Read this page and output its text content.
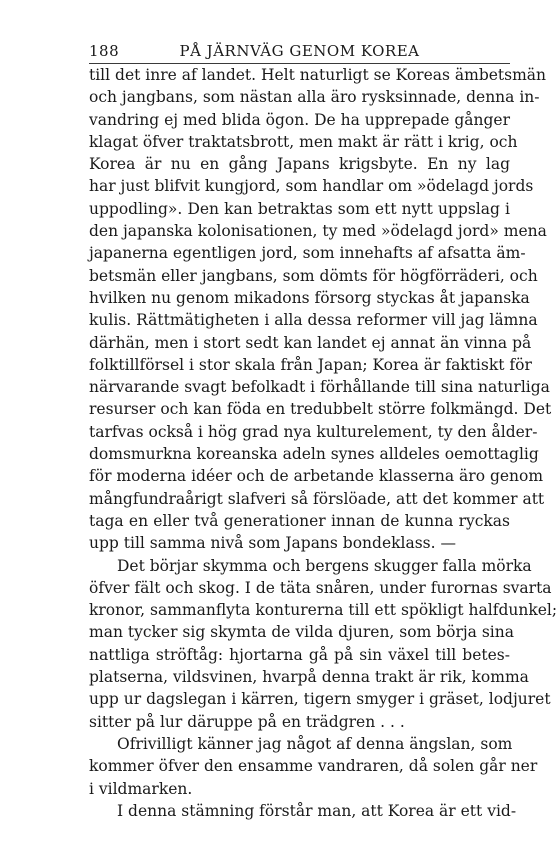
188	PÅ JÄRNVÄG GENOM KOREA
till det inre af landet. Helt naturligt se Koreas ämbetsmän
och jangbans, som nästan alla äro rysksinnade, denna in-
vandring ej med blida ögon. De ha upprepade gånger
klagat öfver traktatsbrott, men makt är rätt i krig, och
Korea är nu en gång Japans krigsbyte. En ny lag
har just blifvit kungjord, som handlar om »ödelagd jords
uppodling». Den kan betraktas som ett nytt uppslag i
den japanska kolonisationen, ty med »ödelagd jord» mena
japanerna egentligen jord, som innehafts af afsatta äm-
betsmän eller jangbans, som dömts för högförräderi, och
hvilken nu genom mikadons försorg styckas åt japanska
kulis. Rättmätigheten i alla dessa reformer vill jag lämna
därhän, men i stort sedt kan landet ej annat än vinna på
folktillförsel i stor skala från Japan; Korea är faktiskt för
närvarande svagt befolkadt i förhållande till sina naturliga
resurser och kan föda en tredubbelt större folkmängd. Det
tarfvas också i hög grad nya kulturelement, ty den ålder-
domsmurkna koreanska adeln synes alldeles oemottaglig
för moderna idéer och de arbetande klasserna äro genom
mångfundraårigt slafveri så förslöade, att det kommer att
taga en eller två generationer innan de kunna ryckas
upp till samma nivå som Japans bondeklass. —
Det börjar skymma och bergens skugger falla mörka
öfver fält och skog. I de täta snåren, under furornas svarta
kronor, sammanflyta konturerna till ett spökligt halfdunkel;
man tycker sig skymta de vilda djuren, som börja sina
nattliga ströftåg: hjortarna gå på sin växel till betes-
platserna, vildsvinen, hvarpå denna trakt är rik, komma
upp ur dagslegan i kärren, tigern smyger i gräset, lodjuret
sitter på lur däruppe på en trädgren . . .
Ofrivilligt känner jag något af denna ängslan, som
kommer öfver den ensamme vandraren, då solen går ner
i vildmarken.
I denna stämning förstår man, att Korea är ett vid-
